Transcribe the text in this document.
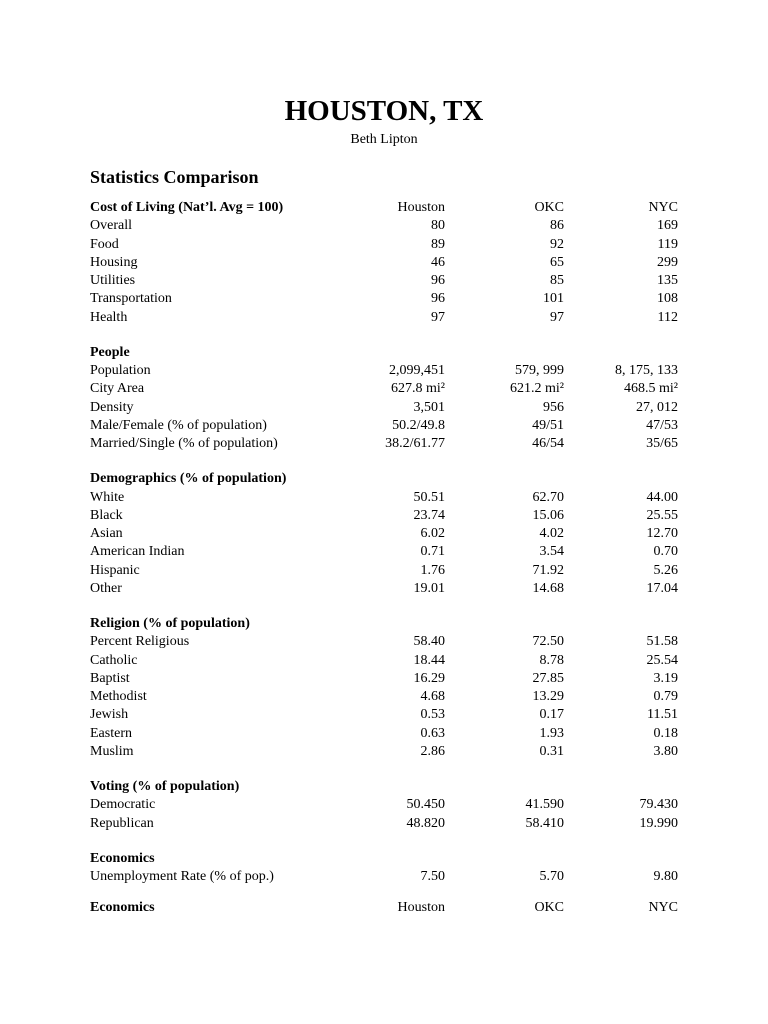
HOUSTON, TX
Beth Lipton
Statistics Comparison
Cost of Living (Nat’l. Avg = 100)	Houston	OKC	NYC
Overall	80	86	169
Food	89	92	119
Housing	46	65	299
Utilities	96	85	135
Transportation	96	101	108
Health	97	97	112
People
Population	2,099,451	579, 999	8, 175, 133
City Area	627.8 mi²	621.2 mi²	468.5 mi²
Density	3,501	956	27, 012
Male/Female (% of population)	50.2/49.8	49/51	47/53
Married/Single (% of population)	38.2/61.77	46/54	35/65
Demographics (% of population)
White	50.51	62.70	44.00
Black	23.74	15.06	25.55
Asian	6.02	4.02	12.70
American Indian	0.71	3.54	0.70
Hispanic	1.76	71.92	5.26
Other	19.01	14.68	17.04
Religion (% of population)
Percent Religious	58.40	72.50	51.58
Catholic	18.44	8.78	25.54
Baptist	16.29	27.85	3.19
Methodist	4.68	13.29	0.79
Jewish	0.53	0.17	11.51
Eastern	0.63	1.93	0.18
Muslim	2.86	0.31	3.80
Voting (% of population)
Democratic	50.450	41.590	79.430
Republican	48.820	58.410	19.990
Economics
Unemployment Rate (% of pop.)	7.50	5.70	9.80
Economics	Houston	OKC	NYC
